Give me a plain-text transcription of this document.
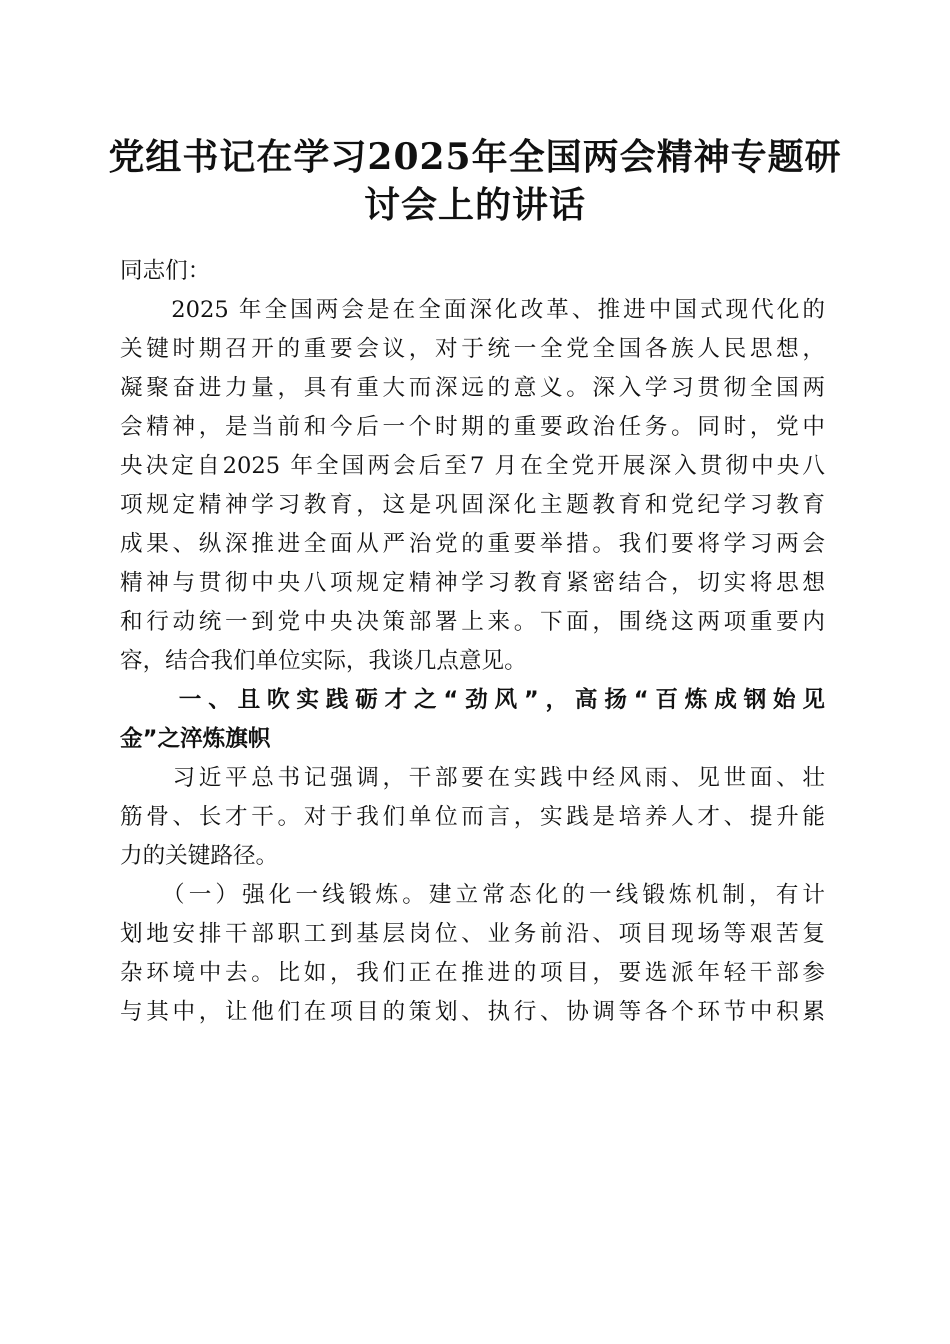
党组书记在学习2025年全国两会精神专题研
讨会上的讲话
同志们：
　　2025 年全国两会是在全面深化改革、推进中国式现代化的
关键时期召开的重要会议，对于统一全党全国各族人民思想，
凝聚奋进力量，具有重大而深远的意义。深入学习贯彻全国两
会精神，是当前和今后一个时期的重要政治任务。同时，党中
央决定自2025 年全国两会后至7 月在全党开展深入贯彻中央八
项规定精神学习教育，这是巩固深化主题教育和党纪学习教育
成果、纵深推进全面从严治党的重要举措。我们要将学习两会
精神与贯彻中央八项规定精神学习教育紧密结合，切实将思想
和行动统一到党中央决策部署上来。下面，围绕这两项重要内
容，结合我们单位实际，我谈几点意见。
　　一、且吹实践砺才之“劲风”，高扬“百炼成钢始见
金”之淬炼旗帜
　　习近平总书记强调，干部要在实践中经风雨、见世面、壮
筋骨、长才干。对于我们单位而言，实践是培养人才、提升能
力的关键路径。
　　（一）强化一线锻炼。建立常态化的一线锻炼机制，有计
划地安排干部职工到基层岗位、业务前沿、项目现场等艰苦复
杂环境中去。比如，我们正在推进的项目，要选派年轻干部参
与其中，让他们在项目的策划、执行、协调等各个环节中积累
